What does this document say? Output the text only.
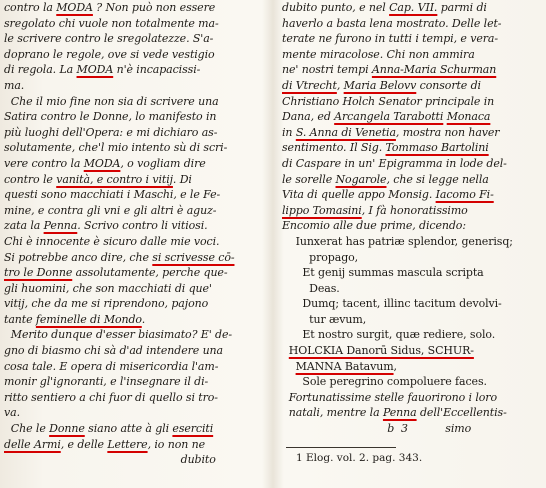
contro la MODA ? Non può non essere
sregolato chi vuole non totalmente ma-
le scrivere contro le sregolatezze. S'a-
doprano le regole, ove si vede vestigio
di regola. La MODA n'è incapacissi-
ma.
Che il mio fine non sia di scrivere una
Satira contro le Donne, lo manifesto in
più luoghi dell'Opera: e mi dichiaro as-
solutamente, che'l mio intento sù di scri-
vere contro la MODA, o vogliam dire
contro le vanità, e contro i vitij. Di
questi sono macchiati i Maschi, e le Fe-
mine, e contra gli vni e gli altri è aguz-
zata la Penna. Scrivo contro li vitiosi.
Chi è innocente è sicuro dalle mie voci.
Si potrebbe anco dire, che si scrivesse cō-
tro le Donne assolutamente, perche que-
gli huomini, che son macchiati di que'
vitij, che da me si riprendono, pajono
tante feminelle di Mondo.
Merito dunque d'esser biasimato? E' de-
gno di biasmo chi sà d'ad intendere una
cosa tale. E opera di misericordia l'am-
monir gl'ignoranti, e l'insegnare il di-
ritto sentiero a chi fuor di quello si tro-
va.
Che le Donne siano atte à gli eserciti
delle Armi, e delle Lettere, io non ne
dubito
dubito punto, e nel Cap. VII. parmi di
haverlo a basta lena mostrato. Delle let-
terate ne furono in tutti i tempi, e vera-
mente miracolose. Chi non ammira
ne' nostri tempi Anna-Maria Schurman
di Vtrecht, Maria Belovv consorte di
Christiano Holch Senator principale in
Dana, ed Arcangela Tarabotti Monaca
in S. Anna di Venetia, mostra non haver
sentimento. Il Sig. Tommaso Bartolini
di Caspare in un' Epigramma in lode del-
le sorelle Nogarole, che si legge nella
Vita di quelle appo Monsig. Iacomo Fi-
lippo Tomasini, I fà honoratissimo
Encomio alle due prime, dicendo:
Iunxerat has patriæ splendor, generisq;
propago,
Et genij summas mascula scripta
Deas.
Dumq; tacent, illinc tacitum devolvi-
tur ævum,
Et nostro surgit, quæ rediere, solo.
HOLCKIA Danorū Sidus, SCHUR-
MANNA Batavum,
Sole peregrino compoluere faces.
Fortunatissime stelle fauorirono i loro
natali, mentre la Penna dell'Eccellentis-
b  3           simo
1 Elog. vol. 2. pag. 343.
